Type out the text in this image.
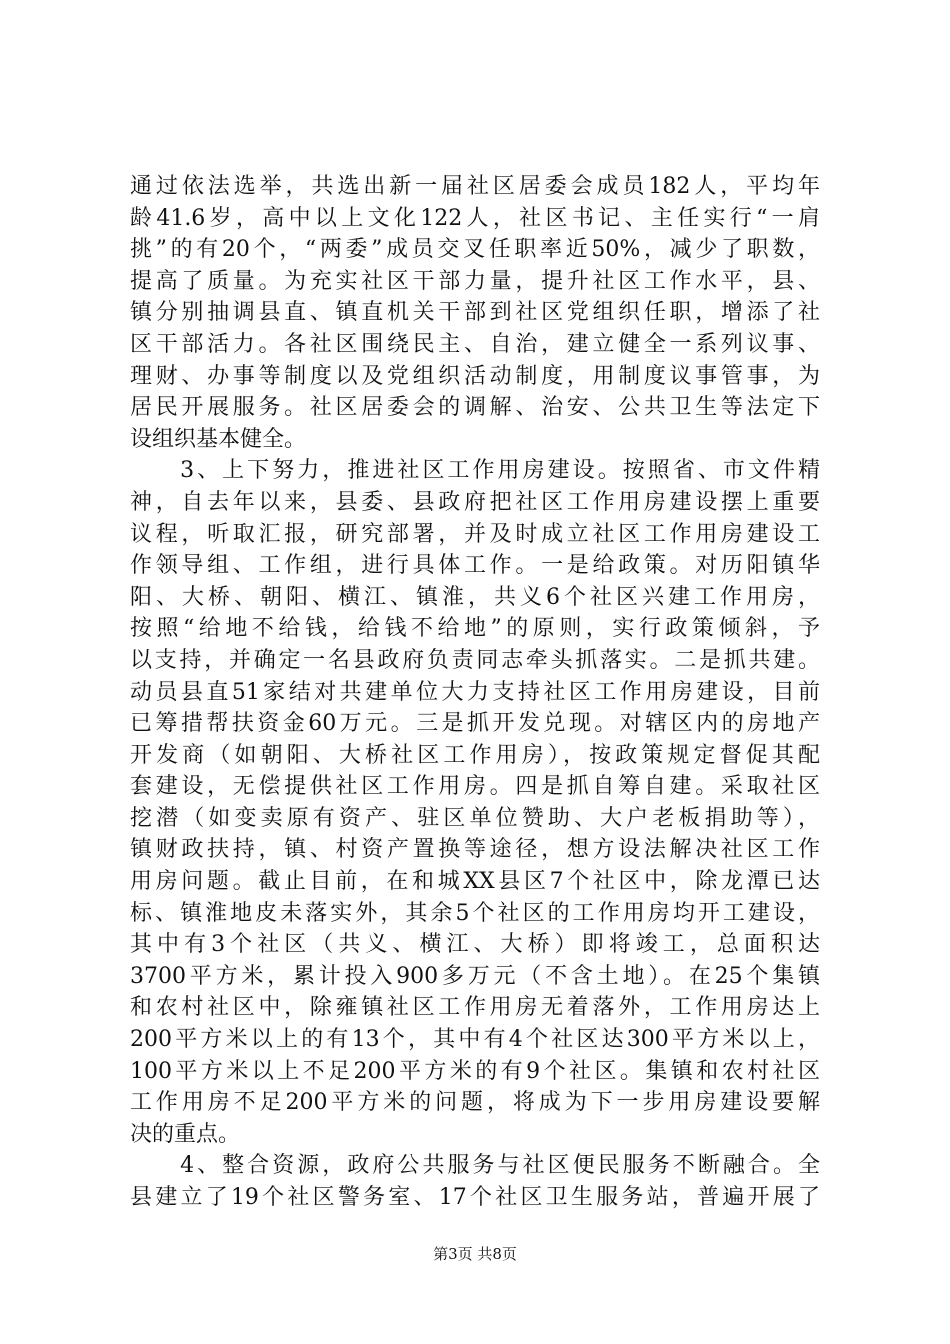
通过依法选举，共选出新一届社区居委会成员182人，平均年
龄41.6岁，高中以上文化122人，社区书记、主任实行“一肩
挑”的有20个，“两委”成员交叉任职率近50%，减少了职数，
提高了质量。为充实社区干部力量，提升社区工作水平，县、
镇分别抽调县直、镇直机关干部到社区党组织任职，增添了社
区干部活力。各社区围绕民主、自治，建立健全一系列议事、
理财、办事等制度以及党组织活动制度，用制度议事管事，为
居民开展服务。社区居委会的调解、治安、公共卫生等法定下
设组织基本健全。
　　3、上下努力，推进社区工作用房建设。按照省、市文件精
神，自去年以来，县委、县政府把社区工作用房建设摆上重要
议程，听取汇报，研究部署，并及时成立社区工作用房建设工
作领导组、工作组，进行具体工作。一是给政策。对历阳镇华
阳、大桥、朝阳、横江、镇淮，共义6个社区兴建工作用房，
按照“给地不给钱，给钱不给地”的原则，实行政策倾斜，予
以支持，并确定一名县政府负责同志牵头抓落实。二是抓共建。
动员县直51家结对共建单位大力支持社区工作用房建设，目前
已筹措帮扶资金60万元。三是抓开发兑现。对辖区内的房地产
开发商（如朝阳、大桥社区工作用房），按政策规定督促其配
套建设，无偿提供社区工作用房。四是抓自筹自建。采取社区
挖潜（如变卖原有资产、驻区单位赞助、大户老板捐助等），
镇财政扶持，镇、村资产置换等途径，想方设法解决社区工作
用房问题。截止目前，在和城XX县区7个社区中，除龙潭已达
标、镇淮地皮未落实外，其余5个社区的工作用房均开工建设，
其中有3个社区（共义、横江、大桥）即将竣工，总面积达
3700平方米，累计投入900多万元（不含土地）。在25个集镇
和农村社区中，除雍镇社区工作用房无着落外，工作用房达上
200平方米以上的有13个，其中有4个社区达300平方米以上，
100平方米以上不足200平方米的有9个社区。集镇和农村社区
工作用房不足200平方米的问题，将成为下一步用房建设要解
决的重点。
　　4、整合资源，政府公共服务与社区便民服务不断融合。全
县建立了19个社区警务室、17个社区卫生服务站，普遍开展了
第3页 共8页
